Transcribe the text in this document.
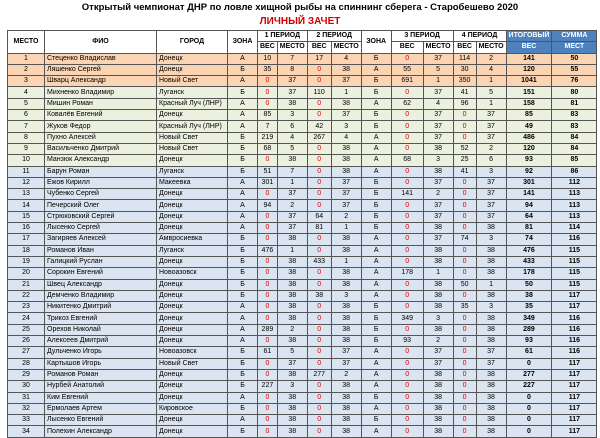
Открытый чемпионат ДНР по ловле хищной рыбы на спиннинг сберега - Старобешево 2020
ЛИЧНЫЙ ЗАЧЕТ
МЕСТО	ФИО	ГОРОД	ЗОНА	1 ПЕРИОД		2 ПЕРИОД		ЗОНА	3 ПЕРИОД		4 ПЕРИОД		ИТОГОВЫЙ	СУММА
				ВЕС	МЕСТО	ВЕС	МЕСТО		ВЕС	МЕСТО	ВЕС	МЕСТО	ВЕС	МЕСТ
1	Стеценко Владислав	Донецк	А	10	7	17	4	Б	0	37	114	2	141	50
2	Ляшенко Сергей	Донецк	Б	35	8	0	38	А	55	5	30	4	120	55
3	Шварц Александр	Новый Свет	А	0	37	0	37	Б	691	1	350	1	1041	76
4	Михненко Владимир	Луганск	Б	0	37	110	1	Б	0	37	41	5	151	80
5	Мишин Роман	Красный Луч (ЛНР)	А	0	38	0	38	А	62	4	96	1	158	81
6	Ковалёв Евгений	Донецк	А	85	3	0	37	Б	0	37	0	37	85	83
7	Жуков Федор	Красный Луч (ЛНР)	А	7	6	42	3	Б	0	37	0	37	49	83
8	Пухно Алексей	Новый Свет	Б	219	4	267	4	А	0	37	0	37	486	84
9	Васильченко Дмитрий	Новый Свет	Б	68	5	0	38	А	0	38	52	2	120	84
10	Манзюк Александр	Донецк	Б	0	38	0	38	А	68	3	25	6	93	85
11	Барун Роман	Луганск	Б	51	7	0	38	А	0	38	41	3	92	86
12	Ежов Кирилл	Макеевка	А	301	1	0	37	Б	0	37	0	37	301	112
13	Чубенко Сергей	Донецк	А	0	37	0	37	Б	141	2	0	37	141	113
14	Печерский Олег	Донецк	А	94	2	0	37	Б	0	37	0	37	94	113
15	Стрюковский Сергей	Донецк	А	0	37	64	2	Б	0	37	0	37	64	113
16	Лысенко Сергей	Донецк	А	0	37	81	1	Б	0	38	0	38	81	114
17	Загиряев Алексей	Амвросиевка	Б	0	38	0	38	А	0	37	74	3	74	116
18	Романов Иван	Луганск	Б	476	1	0	38	А	0	38	0	38	476	115
19	Галицкий Руслан	Донецк	Б	0	38	433	1	А	0	38	0	38	433	115
20	Сорокин Евгений	Новоазовск	Б	0	38	0	38	А	178	1	0	38	178	115
21	Швец Александр	Донецк	Б	0	38	0	38	А	0	38	50	1	50	115
22	Демченко Владимир	Донецк	Б	0	38	38	3	А	0	38	0	38	38	117
23	Никитенко Дмитрий	Донецк	А	0	38	0	38	Б	0	38	35	3	35	117
24	Трикоз Евгений	Донецк	А	0	38	0	38	Б	349	3	0	38	349	116
25	Орехов Николай	Донецк	А	289	2	0	38	Б	0	38	0	38	289	116
26	Алексеев Дмитрий	Донецк	А	0	38	0	38	Б	93	2	0	38	93	116
27	Дульченко Игорь	Новоазовск	Б	61	5	0	37	А	0	37	0	37	61	116
28	Картышов Игорь	Новый Свет	Б	0	37	0	37	А	0	37	0	37	0	117
29	Романов Роман	Донецк	Б	0	38	277	2	А	0	38	0	38	277	117
30	Нурбей Анатолий	Донецк	Б	227	3	0	38	А	0	38	0	38	227	117
31	Ким Евгений	Донецк	А	0	38	0	38	Б	0	38	0	38	0	117
32	Ермолаев Артем	Кировское	Б	0	38	0	38	А	0	38	0	38	0	117
33	Лысенко Евгений	Донецк	А	0	38	0	38	Б	0	38	0	38	0	117
34	Полехин Александр	Донецк	Б	0	38	0	38	А	0	38	0	38	0	117
